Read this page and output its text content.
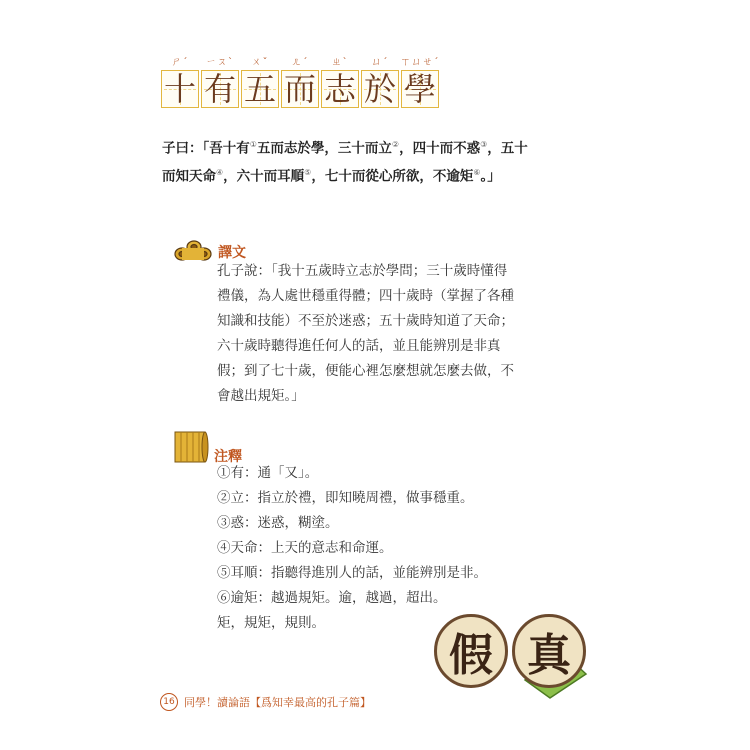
ㄕˊ
十
ㄧㄡˋ
有
ㄨˇ
五
ㄦˊ
而
ㄓˋ
志
ㄩˊ
於
ㄒㄩㄝˊ
學
子曰：「吾十有①五而志於學，三十而立②，四十而不惑③，五十
而知天命④，六十而耳順⑤，七十而從心所欲，不逾矩⑥。」
譯文
孔子說：「我十五歲時立志於學問；三十歲時懂得
禮儀，為人處世穩重得體；四十歲時（掌握了各種
知識和技能）不至於迷惑；五十歲時知道了天命；
六十歲時聽得進任何人的話，並且能辨別是非真
假；到了七十歲，便能心裡怎麼想就怎麼去做，不
會越出規矩。」
注釋
①有：通「又」。
②立：指立於禮，即知曉周禮，做事穩重。
③惑：迷惑，糊塗。
④天命：上天的意志和命運。
⑤耳順：指聽得進別人的話，並能辨別是非。
⑥逾矩：越過規矩。逾，越過，超出。
矩，規矩，規則。
假 真
16 同學！讀論語【爲知幸最高的孔子篇】
